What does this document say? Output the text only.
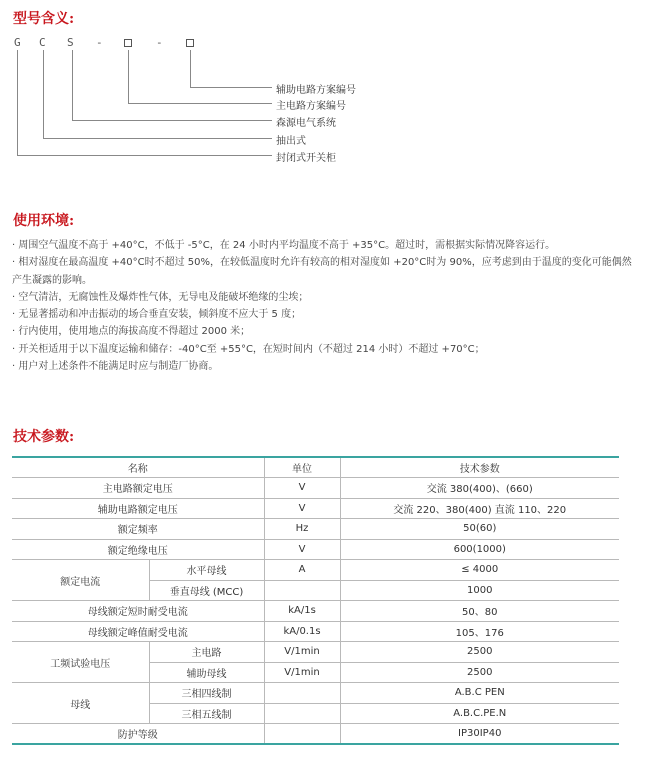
型号含义:
G C S -	-
辅助电路方案编号
主电路方案编号
森源电气系统
抽出式
封闭式开关柜
使用环境:
· 周围空气温度不高于 +40°C，不低于 -5°C，在 24 小时内平均温度不高于 +35°C。超过时，需根据实际情况降容运行。
· 相对湿度在最高温度 +40°C时不超过 50%，在较低温度时允许有较高的相对湿度如 +20°C时为 90%，应考虑到由于温度的变化可能偶然产生凝露的影响。
· 空气清洁，无腐蚀性及爆炸性气体，无导电及能破坏绝缘的尘埃；
· 无显著摇动和冲击振动的场合垂直安装，倾斜度不应大于 5 度；
· 行内使用，使用地点的海拔高度不得超过 2000 米；
· 开关柜适用于以下温度运输和储存：-40°C至 +55°C，在短时间内（不超过 214 小时）不超过 +70°C；
· 用户对上述条件不能满足时应与制造厂协商。
技术参数:
名称		单位	技术参数
主电路额定电压		V	交流 380(400)、(660)
辅助电路额定电压		V	交流 220、380(400) 直流 110、220
额定频率		Hz	50(60)
额定绝缘电压		V	600(1000)
额定电流	水平母线	A	≤ 4000
	垂直母线 (MCC)		1000
母线额定短时耐受电流		kA/1s	50、80
母线额定峰值耐受电流		kA/0.1s	105、176
工频试验电压	主电路	V/1min	2500
	辅助母线	V/1min	2500
母线	三相四线制		A.B.C PEN
	三相五线制		A.B.C.PE.N
防护等级			IP30IP40
